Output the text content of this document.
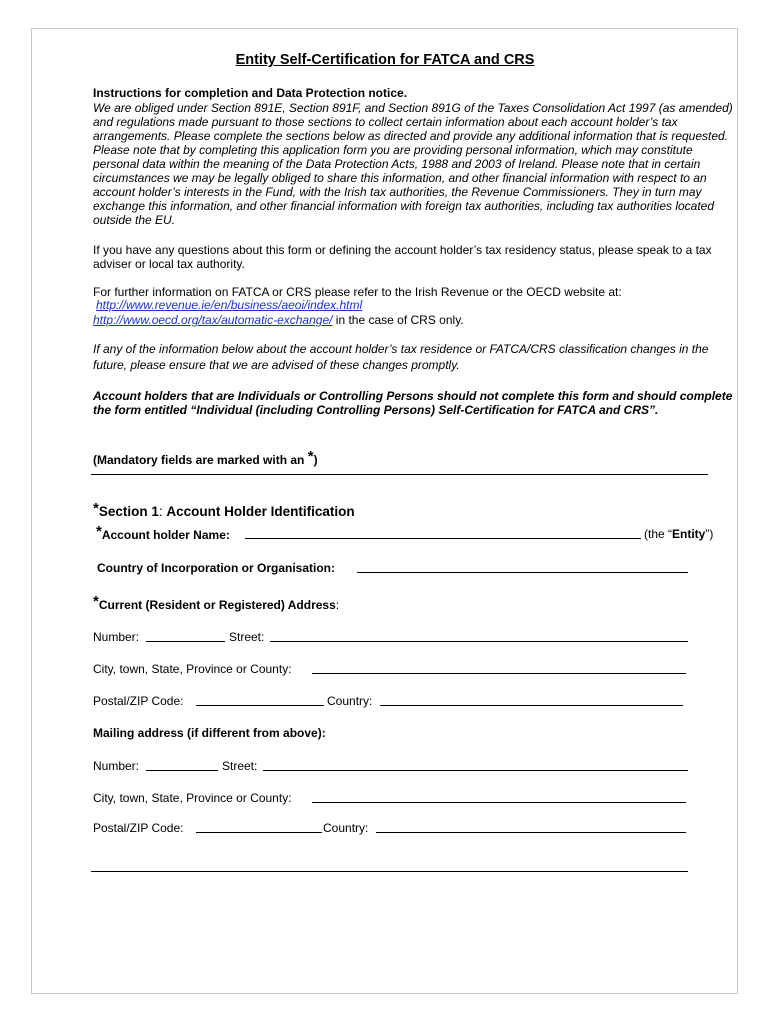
Entity Self-Certification for FATCA and CRS
Instructions for completion and Data Protection notice.
We are obliged under Section 891E, Section 891F, and Section 891G of the Taxes Consolidation Act 1997 (as amended) and regulations made pursuant to those sections to collect certain information about each account holder’s tax arrangements. Please complete the sections below as directed and provide any additional information that is requested. Please note that by completing this application form you are providing personal information, which may constitute personal data within the meaning of the Data Protection Acts, 1988 and 2003 of Ireland. Please note that in certain circumstances we may be legally obliged to share this information, and other financial information with respect to an account holder’s interests in the Fund, with the Irish tax authorities, the Revenue Commissioners. They in turn may exchange this information, and other financial information with foreign tax authorities, including tax authorities located outside the EU.
If you have any questions about this form or defining the account holder’s tax residency status, please speak to a tax adviser or local tax authority.
For further information on FATCA or CRS please refer to the Irish Revenue or the OECD website at:
http://www.revenue.ie/en/business/aeoi/index.html
http://www.oecd.org/tax/automatic-exchange/ in the case of CRS only.
If any of the information below about the account holder’s tax residence or FATCA/CRS classification changes in the future, please ensure that we are advised of these changes promptly.
Account holders that are Individuals or Controlling Persons should not complete this form and should complete the form entitled “Individual (including Controlling Persons) Self-Certification for FATCA and CRS”.
(Mandatory fields are marked with an *)
*Section 1: Account Holder Identification
*Account holder Name:	(the “Entity”)
Country of Incorporation or Organisation:
*Current (Resident or Registered) Address:
Number:	Street:
City, town, State, Province or County:
Postal/ZIP Code:	Country:
Mailing address (if different from above):
Number:	Street:
City, town, State, Province or County:
Postal/ZIP Code:	Country:
